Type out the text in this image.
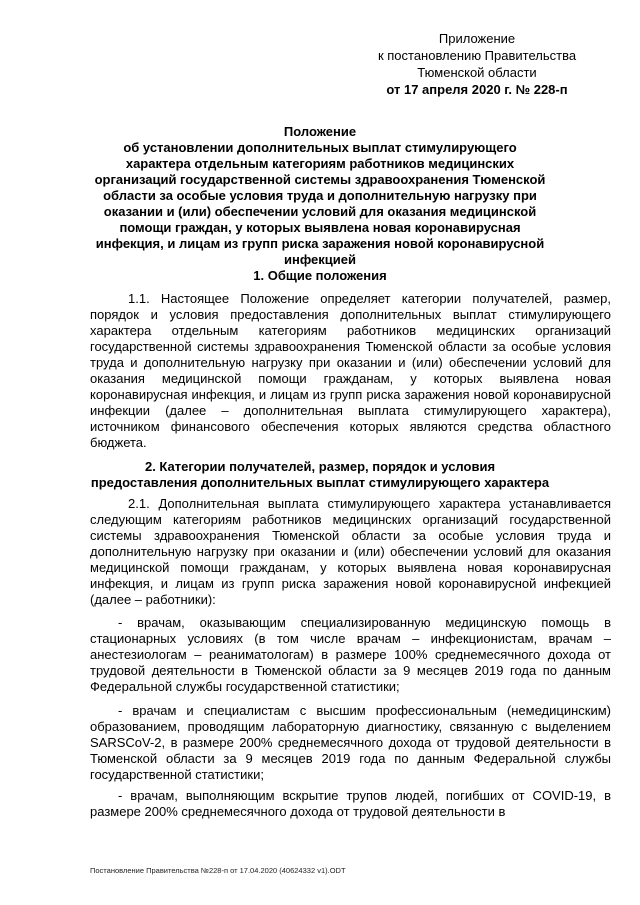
Приложение
к постановлению Правительства
Тюменской области
от 17 апреля 2020 г. № 228-п
Положение
об установлении дополнительных выплат стимулирующего характера отдельным категориям работников медицинских организаций государственной системы здравоохранения Тюменской области за особые условия труда и дополнительную нагрузку при оказании и (или) обеспечении условий для оказания медицинской помощи граждан, у которых выявлена новая коронавирусная инфекция, и лицам из групп риска заражения новой коронавирусной инфекцией
1. Общие положения
1.1. Настоящее Положение определяет категории получателей, размер, порядок и условия предоставления дополнительных выплат стимулирующего характера отдельным категориям работников медицинских организаций государственной системы здравоохранения Тюменской области за особые условия труда и дополнительную нагрузку при оказании и (или) обеспечении условий для оказания медицинской помощи гражданам, у которых выявлена новая коронавирусная инфекция, и лицам из групп риска заражения новой коронавирусной инфекции (далее – дополнительная выплата стимулирующего характера), источником финансового обеспечения которых являются средства областного бюджета.
2. Категории получателей, размер, порядок и условия предоставления дополнительных выплат стимулирующего характера
2.1. Дополнительная выплата стимулирующего характера устанавливается следующим категориям работников медицинских организаций государственной системы здравоохранения Тюменской области за особые условия труда и дополнительную нагрузку при оказании и (или) обеспечении условий для оказания медицинской помощи гражданам, у которых выявлена новая коронавирусная инфекция, и лицам из групп риска заражения новой коронавирусной инфекцией (далее – работники):
- врачам, оказывающим специализированную медицинскую помощь в стационарных условиях (в том числе врачам – инфекционистам, врачам – анестезиологам – реаниматологам) в размере 100% среднемесячного дохода от трудовой деятельности в Тюменской области за 9 месяцев 2019 года по данным Федеральной службы государственной статистики;
- врачам и специалистам с высшим профессиональным (немедицинским) образованием, проводящим лабораторную диагностику, связанную с выделением SARSCoV-2, в размере 200% среднемесячного дохода от трудовой деятельности в Тюменской области за 9 месяцев 2019 года по данным Федеральной службы государственной статистики;
- врачам, выполняющим вскрытие трупов людей, погибших от COVID-19, в размере 200% среднемесячного дохода от трудовой деятельности в
Постановление Правительства №228-п от 17.04.2020 (40624332 v1).ODT
